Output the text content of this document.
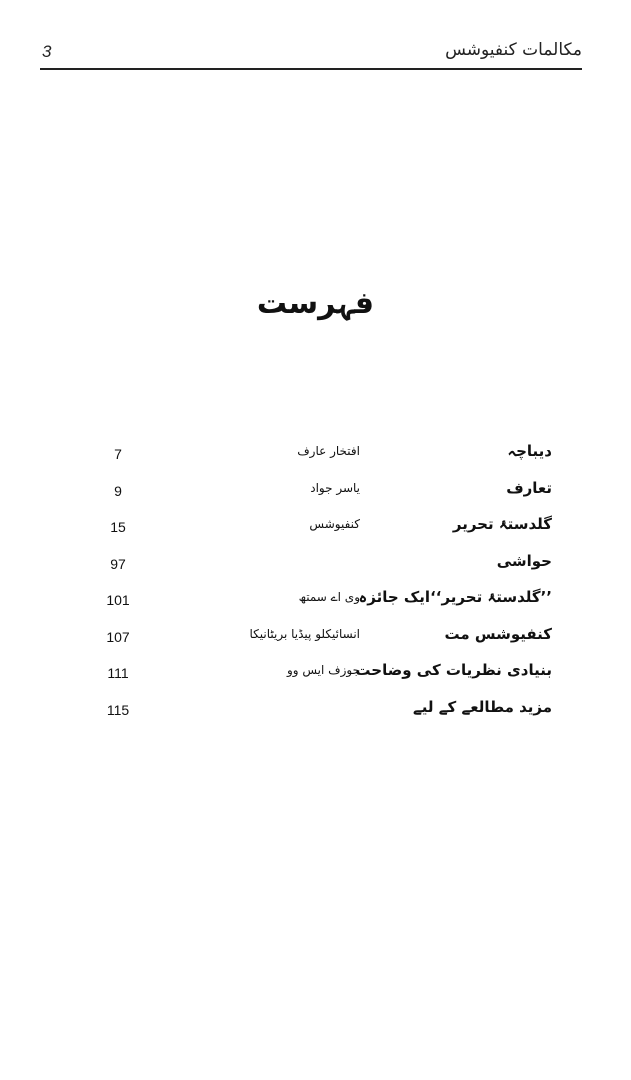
3	مکالمات کنفیوشس
فہرست
دیباچہ
افتخار عارف
7
تعارف
یاسر جواد
9
گلدستۂ تحریر
کنفیوشس
15
حواشی
97
’’گلدستۂ تحریر‘‘ایک جائزہ
وی اے سمتھ
101
کنفیوشس مت
انسائیکلو پیڈیا بریٹانیکا
107
بنیادی نظریات کی وضاحت
جوزف ایس وو
111
مزید مطالعے کے لیے
115
